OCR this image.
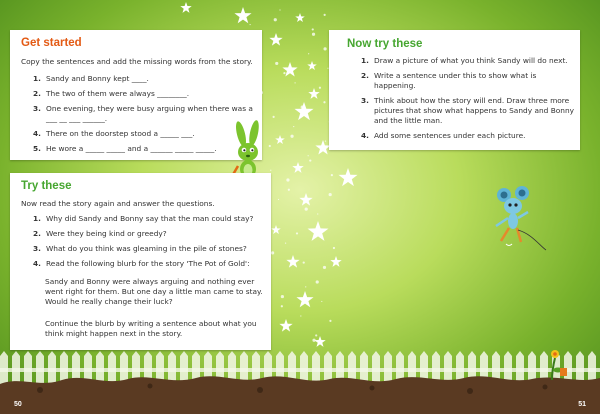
Get started
Copy the sentences and add the missing words from the story.
1. Sandy and Bonny kept ____.
2. The two of them were always ________.
3. One evening, they were busy arguing when there was a ___ __ ___ ______.
4. There on the doorstep stood a _____ ___.
5. He wore a _____ _____ and a ______ _____ _____.
Try these
Now read the story again and answer the questions.
1. Why did Sandy and Bonny say that the man could stay?
2. Were they being kind or greedy?
3. What do you think was gleaming in the pile of stones?
4. Read the following blurb for the story 'The Pot of Gold':

Sandy and Bonny were always arguing and nothing ever went right for them. But one day a little man came to stay. Would he really change their luck?

Continue the blurb by writing a sentence about what you think might happen next in the story.

Now try these
1. Draw a picture of what you think Sandy will do next.
2. Write a sentence under this to show what is happening.
3. Think about how the story will end. Draw three more pictures that show what happens to Sandy and Bonny and the little man.
4. Add some sentences under each picture.
50	51
